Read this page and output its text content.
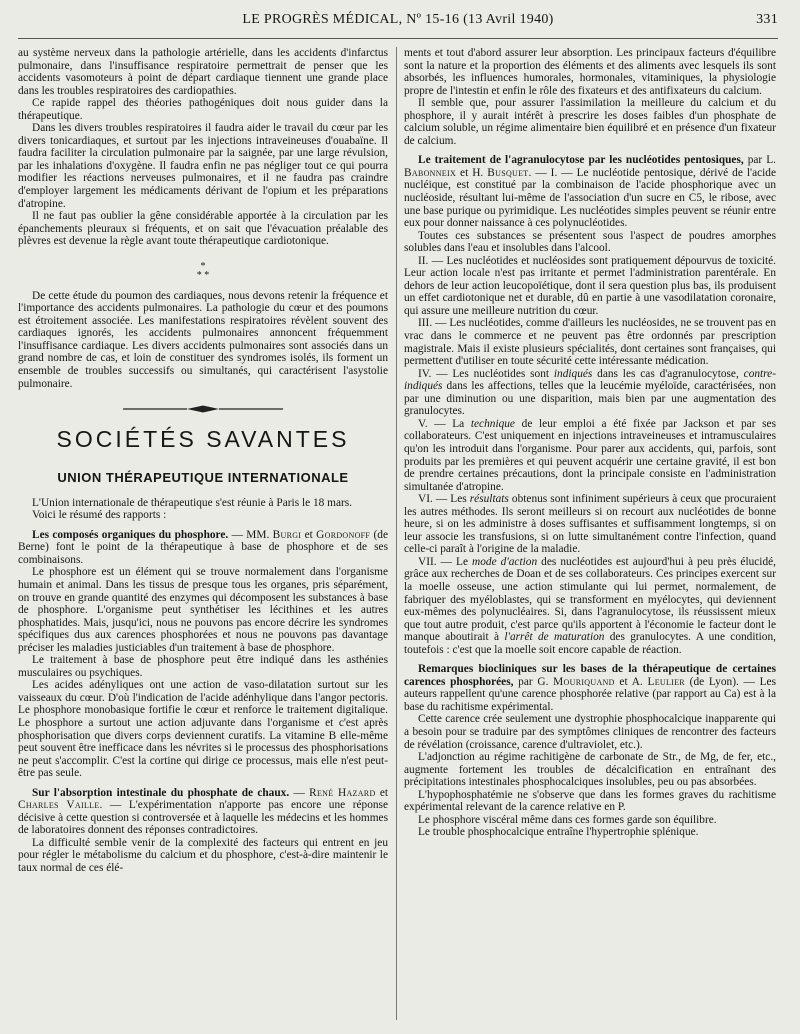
LE PROGRÈS MÉDICAL, Nº 15-16 (13 Avril 1940)	331

au système nerveux dans la pathologie artérielle, dans les accidents d'infarctus pulmonaire, dans l'insuffisance respiratoire permettrait de penser que les accidents vasomoteurs à point de départ cardiaque tiennent une grande place dans les troubles respiratoires des cardiopathies.

Ce rapide rappel des théories pathogéniques doit nous guider dans la thérapeutique.

Dans les divers troubles respiratoires il faudra aider le travail du cœur par les divers tonicardiaques, et surtout par les injections intraveineuses d'ouabaïne. Il faudra faciliter la circulation pulmonaire par la saignée, par une large révulsion, par les inhalations d'oxygène. Il faudra enfin ne pas négliger tout ce qui pourra modifier les réactions nerveuses pulmonaires, et il ne faudra pas craindre d'employer largement les médicaments dérivant de l'opium et les préparations d'atropine.

Il ne faut pas oublier la gêne considérable apportée à la circulation par les épanchements pleuraux si fréquents, et on sait que l'évacuation préalable des plèvres est devenue la règle avant toute thérapeutique cardiotonique.

*
* *

De cette étude du poumon des cardiaques, nous devons retenir la fréquence et l'importance des accidents pulmonaires. La pathologie du cœur et des poumons est étroitement associée. Les manifestations respiratoires révèlent souvent des cardiaques ignorés, les accidents pulmonaires annoncent fréquemment l'insuffisance cardiaque. Les divers accidents pulmonaires sont associés dans un grand nombre de cas, et loin de constituer des syndromes isolés, ils forment un ensemble de troubles successifs ou simultanés, qui caractérisent l'asystolie pulmonaire.

SOCIÉTÉS SAVANTES
UNION THÉRAPEUTIQUE INTERNATIONALE

L'Union internationale de thérapeutique s'est réunie à Paris le 18 mars.

Voici le résumé des rapports :

Les composés organiques du phosphore. — MM. Burgi et Gordonoff (de Berne) font le point de la thérapeutique à base de phosphore et de ses combinaisons.

Le phosphore est un élément qui se trouve normalement dans l'organisme humain et animal. Dans les tissus de presque tous les organes, pris séparément, on trouve en grande quantité des enzymes qui décomposent les substances à base de phosphore. L'organisme peut synthétiser les lécithines et les autres phosphatides. Mais, jusqu'ici, nous ne pouvons pas encore décrire les syndromes spécifiques dus aux carences phosphorées et nous ne pouvons pas davantage préciser les maladies justiciables d'un traitement à base de phosphore.

Le traitement à base de phosphore peut être indiqué dans les asthénies musculaires ou psychiques.

Les acides adényliques ont une action de vaso-dilatation surtout sur les vaisseaux du cœur. D'où l'indication de l'acide adénhylique dans l'angor pectoris. Le phosphore monobasique fortifie le cœur et renforce le traitement digitalique. Le phosphore a surtout une action adjuvante dans l'organisme et c'est après phosphorisation que divers corps deviennent curatifs. La vitamine B elle-même peut souvent être inefficace dans les névrites si le processus des phosphorisations ne peut s'accomplir. C'est la cortine qui dirige ce processus, mais elle n'est peut-être pas seule.

Sur l'absorption intestinale du phosphate de chaux. — René Hazard et Charles Vaille. — L'expérimentation n'apporte pas encore une réponse décisive à cette question si controversée et à laquelle les médecins et les hommes de laboratoires donnent des réponses contradictoires.

La difficulté semble venir de la complexité des facteurs qui entrent en jeu pour régler le métabolisme du calcium et du phosphore, c'est-à-dire maintenir le taux normal de ces élé-

ments et tout d'abord assurer leur absorption. Les principaux facteurs d'équilibre sont la nature et la proportion des éléments et des aliments avec lesquels ils sont absorbés, les influences humorales, hormonales, vitaminiques, la physiologie propre de l'intestin et enfin le rôle des fixateurs et des antifixateurs du calcium.

Il semble que, pour assurer l'assimilation la meilleure du calcium et du phosphore, il y aurait intérêt à prescrire les doses faibles d'un phosphate de calcium soluble, un régime alimentaire bien équilibré et en présence d'un fixateur de calcium.

Le traitement de l'agranulocytose par les nucléotides pentosiques, par L. Babonneix et H. Busquet. — I. — Le nucléotide pentosique, dérivé de l'acide nucléique, est constitué par la combinaison de l'acide phosphorique avec un nucléoside, résultant lui-même de l'association d'un sucre en C5, le ribose, avec une base purique ou pyrimidique. Les nucléotides simples peuvent se réunir entre eux pour donner naissance à ces polynucléotides.

Toutes ces substances se présentent sous l'aspect de poudres amorphes solubles dans l'eau et insolubles dans l'alcool.

II. — Les nucléotides et nucléosides sont pratiquement dépourvus de toxicité. Leur action locale n'est pas irritante et permet l'administration parentérale. En dehors de leur action leucopoïétique, dont il sera question plus bas, ils produisent un effet cardiotonique net et durable, dû en partie à une vasodilatation coronaire, qui assure une meilleure nutrition du cœur.

III. — Les nucléotides, comme d'ailleurs les nucléosides, ne se trouvent pas en vrac dans le commerce et ne peuvent pas être ordonnés par prescription magistrale. Mais il existe plusieurs spécialités, dont certaines sont françaises, qui permettent d'utiliser en toute sécurité cette intéressante médication.

IV. — Les nucléotides sont indiqués dans les cas d'agranulocytose, contre-indiqués dans les affections, telles que la leucémie myéloïde, caractérisées, non par une diminution ou une disparition, mais bien par une augmentation des granulocytes.

V. — La technique de leur emploi a été fixée par Jackson et par ses collaborateurs. C'est uniquement en injections intraveineuses et intramusculaires qu'on les introduit dans l'organisme. Pour parer aux accidents, qui, parfois, sont produits par les premières et qui peuvent acquérir une certaine gravité, il est bon de prendre certaines précautions, dont la principale consiste en l'administration simultanée d'atropine.

VI. — Les résultats obtenus sont infiniment supérieurs à ceux que procuraient les autres méthodes. Ils seront meilleurs si on recourt aux nucléotides de bonne heure, si on les administre à doses suffisantes et suffisamment longtemps, si on leur associe les transfusions, si on lutte simultanément contre l'infection, quand celle-ci paraît à l'origine de la maladie.

VII. — Le mode d'action des nucléotides est aujourd'hui à peu près élucidé, grâce aux recherches de Doan et de ses collaborateurs. Ces principes exercent sur la moelle osseuse, une action stimulante qui lui permet, normalement, de fabriquer des myéloblastes, qui se transforment en myélocytes, qui deviennent eux-mêmes des polynucléaires. Si, dans l'agranulocytose, ils réussissent mieux que tout autre produit, c'est parce qu'ils apportent à l'économie le facteur dont le manque aboutirait à l'arrêt de maturation des granulocytes. A une condition, toutefois : c'est que la moelle soit encore capable de réaction.

Remarques biocliniques sur les bases de la thérapeutique de certaines carences phosphorées, par G. Mouriquand et A. Leulier (de Lyon). — Les auteurs rappellent qu'une carence phosphorée relative (par rapport au Ca) est à la base du rachitisme expérimental.

Cette carence crée seulement une dystrophie phosphocalcique inapparente qui a besoin pour se traduire par des symptômes cliniques de rencontrer des facteurs de révélation (croissance, carence d'ultraviolet, etc.).

L'adjonction au régime rachitigène de carbonate de Str., de Mg, de fer, etc., augmente fortement les troubles de décalcification en entraînant des précipitations intestinales phosphocalciques insolubles, peu ou pas absorbées.

L'hypophosphatémie ne s'observe que dans les formes graves du rachitisme expérimental relevant de la carence relative en P.

Le phosphore viscéral même dans ces formes garde son équilibre.

Le trouble phosphocalcique entraîne l'hypertrophie splénique.
